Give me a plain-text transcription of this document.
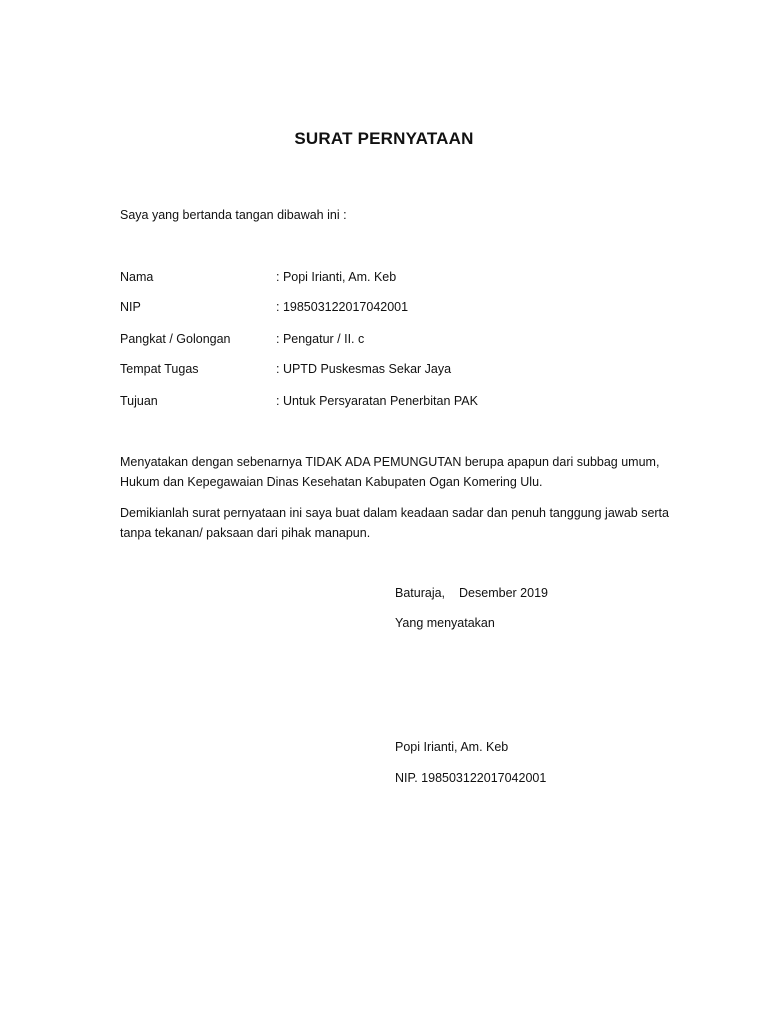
SURAT PERNYATAAN
Saya yang bertanda tangan dibawah ini :
Nama	: Popi Irianti, Am. Keb
NIP	: 198503122017042001
Pangkat / Golongan	: Pengatur / II. c
Tempat Tugas	: UPTD Puskesmas Sekar Jaya
Tujuan	: Untuk Persyaratan Penerbitan PAK
Menyatakan dengan sebenarnya TIDAK ADA PEMUNGUTAN berupa apapun dari subbag umum, Hukum dan Kepegawaian Dinas Kesehatan Kabupaten Ogan Komering Ulu.
Demikianlah surat pernyataan ini saya buat dalam keadaan sadar dan penuh tanggung jawab serta tanpa tekanan/ paksaan dari pihak manapun.
Baturaja, Desember 2019
Yang menyatakan
Popi Irianti, Am. Keb
NIP. 198503122017042001
